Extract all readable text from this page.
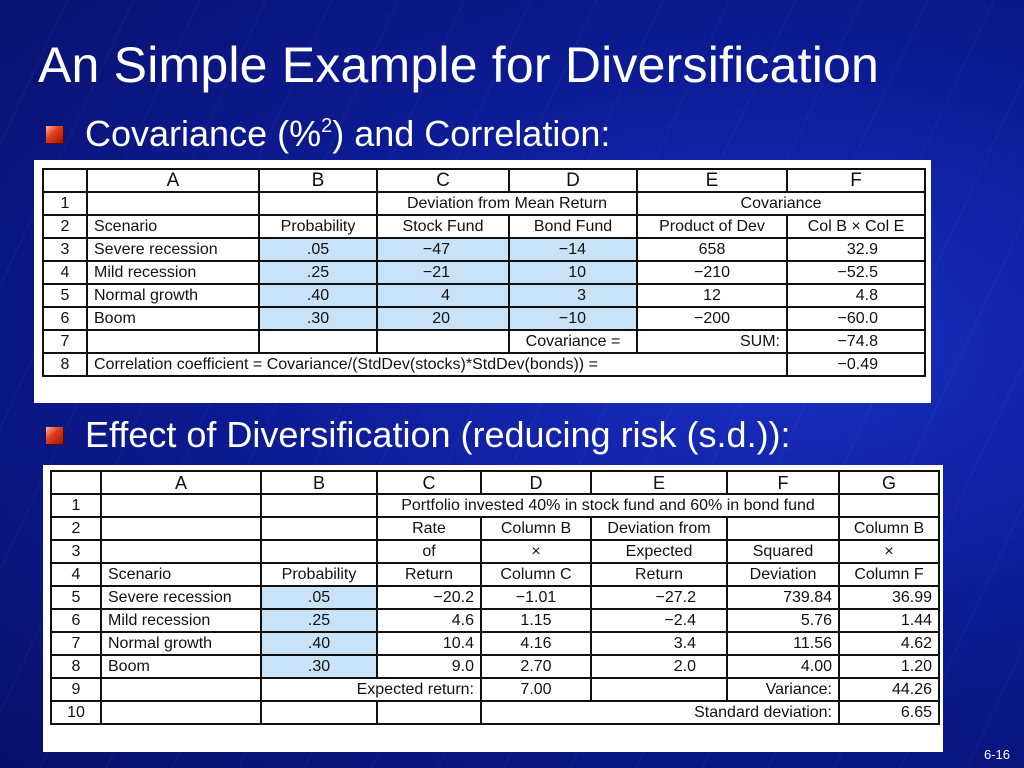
An Simple Example for Diversification
Covariance (%$^2$) and Correlation:
	A	B	C	D	E	F
1			Deviation from Mean Return		Covariance	
2	Scenario	Probability	Stock Fund	Bond Fund	Product of Dev	Col B × Col E
3	Severe recession	.05	−47	−14	658	32.9
4	Mild recession	.25	−21	10	−210	−52.5
5	Normal growth	.40	4	3	12	4.8
6	Boom	.30	20	−10	−200	−60.0
7				Covariance =	SUM:	−74.8
8	Correlation coefficient = Covariance/(StdDev(stocks)*StdDev(bonds)) =					−0.49
Effect of Diversification (reducing risk (s.d.)):
	A	B	C	D	E	F	G
1			Portfolio invested 40% in stock fund and 60% in bond fund				
2			Rate	Column B	Deviation from		Column B
3			of	×	Expected	Squared	×
4	Scenario	Probability	Return	Column C	Return	Deviation	Column F
5	Severe recession	.05	−20.2	−1.01	−27.2	739.84	36.99
6	Mild recession	.25	4.6	1.15	−2.4	5.76	1.44
7	Normal growth	.40	10.4	4.16	3.4	11.56	4.62
8	Boom	.30	9.0	2.70	2.0	4.00	1.20
9		Expected return:		7.00		Variance:	44.26
10				Standard deviation:			6.65
6-16
